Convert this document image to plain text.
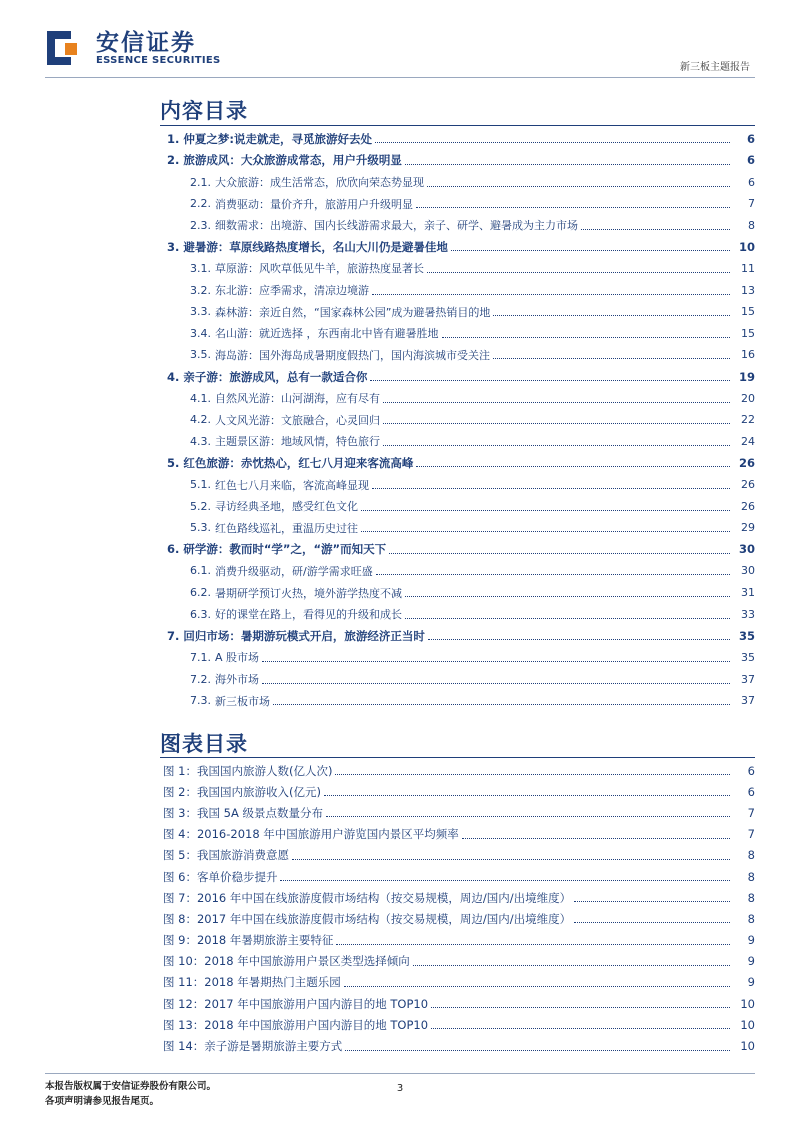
安信证券
ESSENCE SECURITIES
新三板主题报告
内容目录
1. 仲夏之梦:说走就走，寻觅旅游好去处	6
2. 旅游成风：大众旅游成常态，用户升级明显	6
2.1. 大众旅游：成生活常态，欣欣向荣态势显现	6
2.2. 消费驱动：量价齐升，旅游用户升级明显	7
2.3. 细数需求：出境游、国内长线游需求最大，亲子、研学、避暑成为主力市场	8
3. 避暑游：草原线路热度增长，名山大川仍是避暑佳地	10
3.1. 草原游：风吹草低见牛羊，旅游热度显著长	11
3.2. 东北游：应季需求，清凉边境游	13
3.3. 森林游：亲近自然，“国家森林公园”成为避暑热销目的地	15
3.4. 名山游：就近选择 ，东西南北中皆有避暑胜地	15
3.5. 海岛游：国外海岛成暑期度假热门，国内海滨城市受关注	16
4. 亲子游：旅游成风，总有一款适合你	19
4.1. 自然风光游：山河湖海，应有尽有	20
4.2. 人文风光游：文旅融合，心灵回归	22
4.3. 主题景区游：地域风情，特色旅行	24
5. 红色旅游：赤忱热心，红七八月迎来客流高峰	26
5.1. 红色七八月来临，客流高峰显现	26
5.2. 寻访经典圣地，感受红色文化	26
5.3. 红色路线巡礼，重温历史过往	29
6. 研学游：教而时“学”之，“游”而知天下	30
6.1. 消费升级驱动，研/游学需求旺盛	30
6.2. 暑期研学预订火热，境外游学热度不减	31
6.3. 好的课堂在路上，看得见的升级和成长	33
7. 回归市场：暑期游玩模式开启，旅游经济正当时	35
7.1. A 股市场	35
7.2. 海外市场	37
7.3. 新三板市场	37
图表目录
图 1：我国国内旅游人数(亿人次)	6
图 2：我国国内旅游收入(亿元)	6
图 3：我国 5A 级景点数量分布	7
图 4：2016-2018 年中国旅游用户游览国内景区平均频率	7
图 5：我国旅游消费意愿	8
图 6：客单价稳步提升	8
图 7：2016 年中国在线旅游度假市场结构（按交易规模，周边/国内/出境维度）	8
图 8：2017 年中国在线旅游度假市场结构（按交易规模，周边/国内/出境维度）	8
图 9：2018 年暑期旅游主要特征	9
图 10：2018 年中国旅游用户景区类型选择倾向	9
图 11：2018 年暑期热门主题乐园	9
图 12：2017 年中国旅游用户国内游目的地 TOP10	10
图 13：2018 年中国旅游用户国内游目的地 TOP10	10
图 14：亲子游是暑期旅游主要方式	10
本报告版权属于安信证券股份有限公司。
各项声明请参见报告尾页。
3
